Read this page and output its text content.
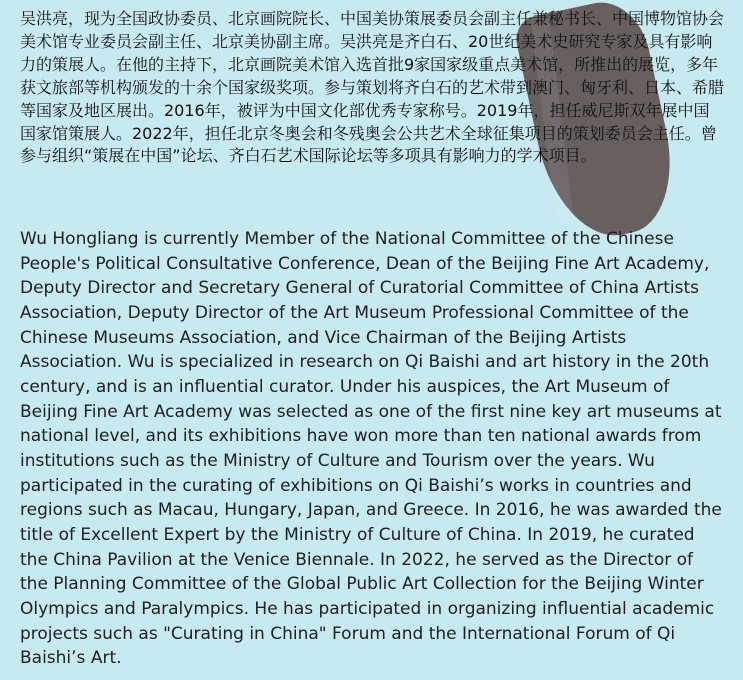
吴洪亮，现为全国政协委员、北京画院院长、中国美协策展委员会副主任兼秘书长、中国博物馆协会美术馆专业委员会副主任、北京美协副主席。吴洪亮是齐白石、20世纪美术史研究专家及具有影响力的策展人。在他的主持下，北京画院美术馆入选首批9家国家级重点美术馆，所推出的展览，多年获文旅部等机构颁发的十余个国家级奖项。参与策划将齐白石的艺术带到澳门、匈牙利、日本、希腊等国家及地区展出。2016年，被评为中国文化部优秀专家称号。2019年，担任威尼斯双年展中国国家馆策展人。2022年，担任北京冬奥会和冬残奥会公共艺术全球征集项目的策划委员会主任。曾参与组织“策展在中国”论坛、齐白石艺术国际论坛等多项具有影响力的学术项目。

Wu Hongliang is currently Member of the National Committee of the Chinese People's Political Consultative Conference, Dean of the Beijing Fine Art Academy, Deputy Director and Secretary General of Curatorial Committee of China Artists Association, Deputy Director of the Art Museum Professional Committee of the Chinese Museums Association, and Vice Chairman of the Beijing Artists Association. Wu is specialized in research on Qi Baishi and art history in the 20th century, and is an influential curator. Under his auspices, the Art Museum of Beijing Fine Art Academy was selected as one of the first nine key art museums at national level, and its exhibitions have won more than ten national awards from institutions such as the Ministry of Culture and Tourism over the years. Wu participated in the curating of exhibitions on Qi Baishi’s works in countries and regions such as Macau, Hungary, Japan, and Greece. In 2016, he was awarded the title of Excellent Expert by the Ministry of Culture of China. In 2019, he curated the China Pavilion at the Venice Biennale. In 2022, he served as the Director of the Planning Committee of the Global Public Art Collection for the Beijing Winter Olympics and Paralympics. He has participated in organizing influential academic projects such as "Curating in China" Forum and the International Forum of Qi Baishi’s Art.
